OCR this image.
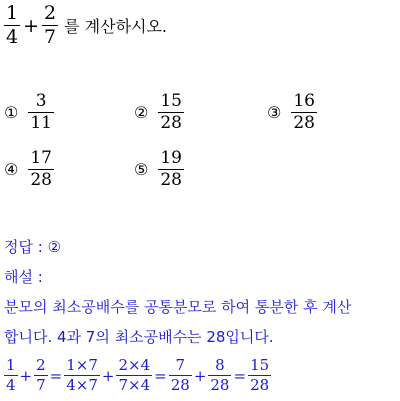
$\frac{1}{4} + \frac{2}{7}$ 를 계산하시오.
① $\frac{3}{11}$	② $\frac{15}{28}$	③ $\frac{16}{28}$
④ $\frac{17}{28}$	⑤ $\frac{19}{28}$
정답 : ②
해설 :
분모의 최소공배수를 공통분모로 하여 통분한 후 계산
합니다. 4과 7의 최소공배수는 28입니다.
$\frac{1}{4} + \frac{2}{7} = \frac{1\times 7}{4\times 7} + \frac{2\times 4}{7\times 4} = \frac{7}{28} + \frac{8}{28} = \frac{15}{28}$
